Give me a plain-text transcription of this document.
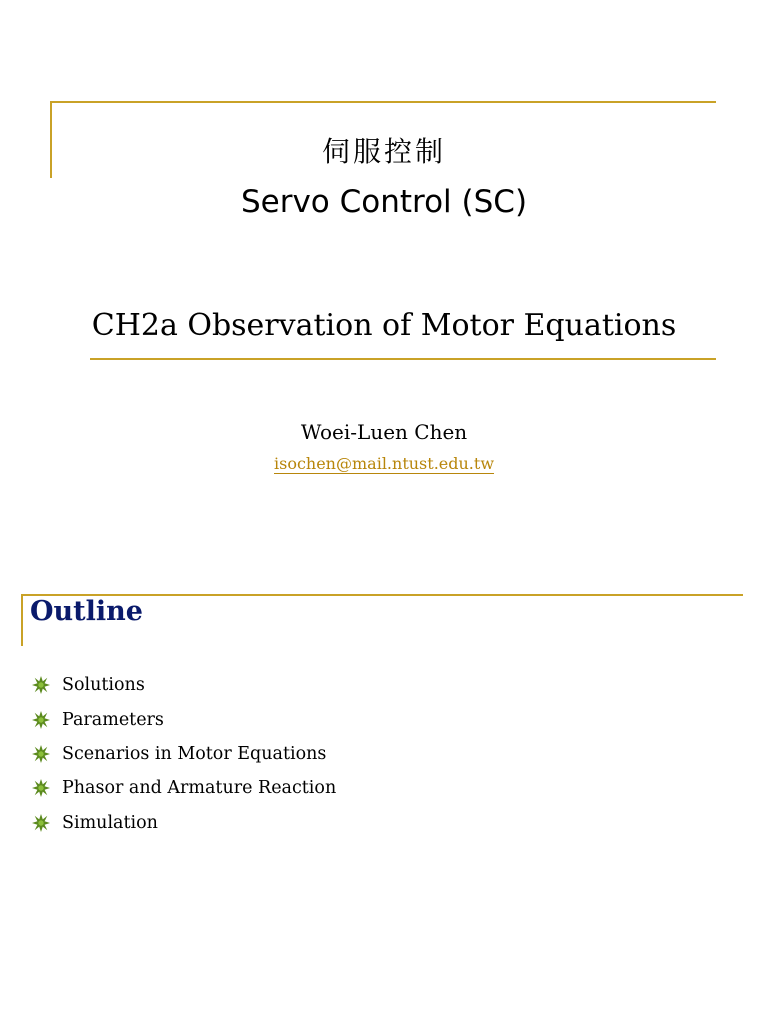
伺服控制
Servo Control (SC)
CH2a Observation of Motor Equations
Woei-Luen Chen
isochen@mail.ntust.edu.tw
Outline
Solutions
Parameters
Scenarios in Motor Equations
Phasor and Armature Reaction
Simulation
